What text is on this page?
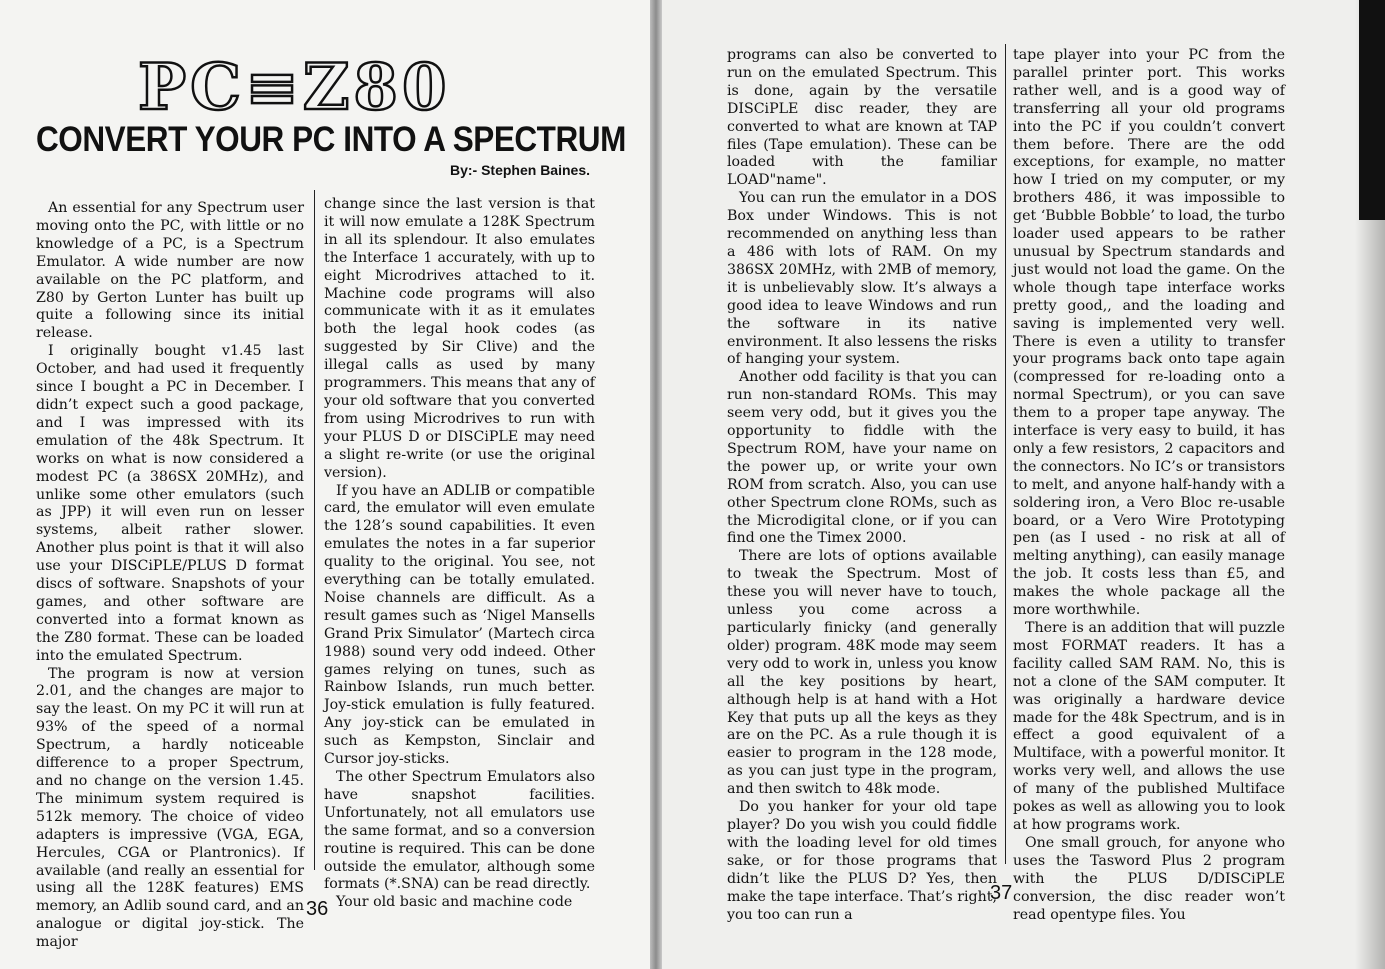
PC≡Z80
CONVERT YOUR PC INTO A SPECTRUM
By:- Stephen Baines.

An essential for any Spectrum user moving onto the PC, with little or no knowledge of a PC, is a Spectrum Emulator. A wide number are now available on the PC platform, and Z80 by Gerton Lunter has built up quite a following since its initial release.

I originally bought v1.45 last October, and had used it frequently since I bought a PC in December. I didn’t expect such a good package, and I was impressed with its emulation of the 48k Spectrum. It works on what is now considered a modest PC (a 386SX 20MHz), and unlike some other emulators (such as JPP) it will even run on lesser systems, albeit rather slower. Another plus point is that it will also use your DISCiPLE/PLUS D format discs of software. Snapshots of your games, and other software are converted into a format known as the Z80 format. These can be loaded into the emulated Spectrum.

The program is now at version 2.01, and the changes are major to say the least. On my PC it will run at 93% of the speed of a normal Spectrum, a hardly noticeable difference to a proper Spectrum, and no change on the version 1.45. The minimum system required is 512k memory. The choice of video adapters is impressive (VGA, EGA, Hercules, CGA or Plantronics). If available (and really an essential for using all the 128K features) EMS memory, an Adlib sound card, and an analogue or digital joy-stick. The major

change since the last version is that it will now emulate a 128K Spectrum in all its splendour. It also emulates the Interface 1 accurately, with up to eight Microdrives attached to it. Machine code programs will also communicate with it as it emulates both the legal hook codes (as suggested by Sir Clive) and the illegal calls as used by many programmers. This means that any of your old software that you converted from using Microdrives to run with your PLUS D or DISCiPLE may need a slight re-write (or use the original version).

If you have an ADLIB or compatible card, the emulator will even emulate the 128’s sound capabilities. It even emulates the notes in a far superior quality to the original. You see, not everything can be totally emulated. Noise channels are difficult. As a result games such as ‘Nigel Mansells Grand Prix Simulator’ (Martech circa 1988) sound very odd indeed. Other games relying on tunes, such as Rainbow Islands, run much better. Joy-stick emulation is fully featured. Any joy-stick can be emulated in such as Kempston, Sinclair and Cursor joy-sticks.

The other Spectrum Emulators also have snapshot facilities. Unfortunately, not all emulators use the same format, and so a conversion routine is required. This can be done outside the emulator, although some formats (*.SNA) can be read directly.

Your old basic and machine code

36

programs can also be converted to run on the emulated Spectrum. This is done, again by the versatile DISCiPLE disc reader, they are converted to what are known at TAP files (Tape emulation). These can be loaded with the familiar LOAD"name".

You can run the emulator in a DOS Box under Windows. This is not recommended on anything less than a 486 with lots of RAM. On my 386SX 20MHz, with 2MB of memory, it is unbelievably slow. It’s always a good idea to leave Windows and run the software in its native environment. It also lessens the risks of hanging your system.

Another odd facility is that you can run non-standard ROMs. This may seem very odd, but it gives you the opportunity to fiddle with the Spectrum ROM, have your name on the power up, or write your own ROM from scratch. Also, you can use other Spectrum clone ROMs, such as the Microdigital clone, or if you can find one the Timex 2000.

There are lots of options available to tweak the Spectrum. Most of these you will never have to touch, unless you come across a particularly finicky (and generally older) program. 48K mode may seem very odd to work in, unless you know all the key positions by heart, although help is at hand with a Hot Key that puts up all the keys as they are on the PC. As a rule though it is easier to program in the 128 mode, as you can just type in the program, and then switch to 48k mode.

Do you hanker for your old tape player? Do you wish you could fiddle with the loading level for old times sake, or for those programs that didn’t like the PLUS D? Yes, then make the tape interface. That’s right, you too can run a

tape player into your PC from the parallel printer port. This works rather well, and is a good way of transferring all your old programs into the PC if you couldn’t convert them before. There are the odd exceptions, for example, no matter how I tried on my computer, or my brothers 486, it was impossible to get ‘Bubble Bobble’ to load, the turbo loader used appears to be rather unusual by Spectrum standards and just would not load the game. On the whole though tape interface works pretty good,, and the loading and saving is implemented very well. There is even a utility to transfer your programs back onto tape again (compressed for re-loading onto a normal Spectrum), or you can save them to a proper tape anyway. The interface is very easy to build, it has only a few resistors, 2 capacitors and the connectors. No IC’s or transistors to melt, and anyone half-handy with a soldering iron, a Vero Bloc re-usable board, or a Vero Wire Prototyping pen (as I used - no risk at all of melting anything), can easily manage the job. It costs less than £5, and makes the whole package all the more worthwhile.

There is an addition that will puzzle most FORMAT readers. It has a facility called SAM RAM. No, this is not a clone of the SAM computer. It was originally a hardware device made for the 48k Spectrum, and is in effect a good equivalent of a Multiface, with a powerful monitor. It works very well, and allows the use of many of the published Multiface pokes as well as allowing you to look at how programs work.

One small grouch, for anyone who uses the Tasword Plus 2 program with the PLUS D/DISCiPLE conversion, the disc reader won’t read opentype files. You

37
